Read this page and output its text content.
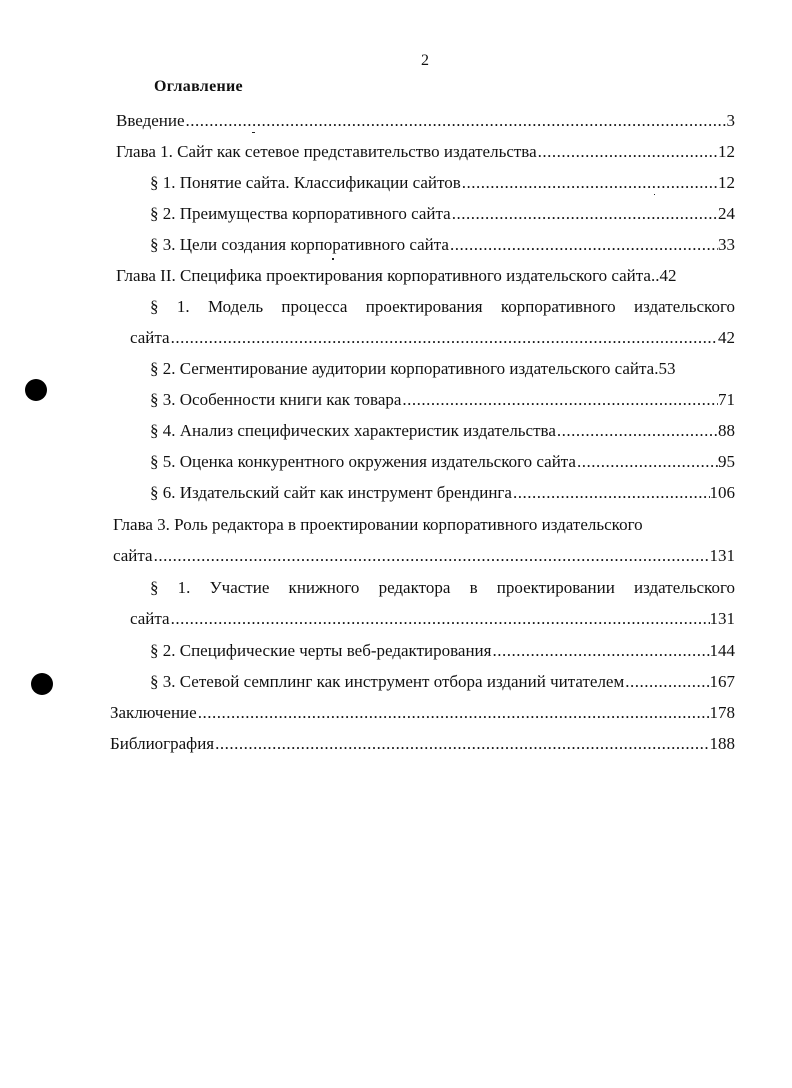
2
Оглавление
Введение .....	3
Глава 1. Сайт как сетевое представительство издательства .....	12
§ 1. Понятие сайта. Классификации сайтов .....	12
§ 2. Преимущества корпоративного сайта .....	24
§ 3. Цели создания корпоративного сайта .....	33
Глава II. Специфика проектирования корпоративного издательского сайта. .42
§ 1. Модель процесса проектирования корпоративного издательского
сайта .....	42
§ 2. Сегментирование аудитории корпоративного издательского сайта .53
§ 3. Особенности книги как товара .....	71
§ 4. Анализ специфических характеристик издательства .....	88
§ 5. Оценка конкурентного окружения издательского сайта .....	95
§ 6. Издательский сайт как инструмент брендинга .....	106
Глава 3. Роль редактора в проектировании корпоративного издательского
сайта .....	131
§ 1. Участие книжного редактора в проектировании издательского
сайта .....	131
§ 2. Специфические черты веб-редактирования .....	144
§ 3. Сетевой семплинг как инструмент отбора изданий читателем .....	167
Заключение .....	178
Библиография .....	188
